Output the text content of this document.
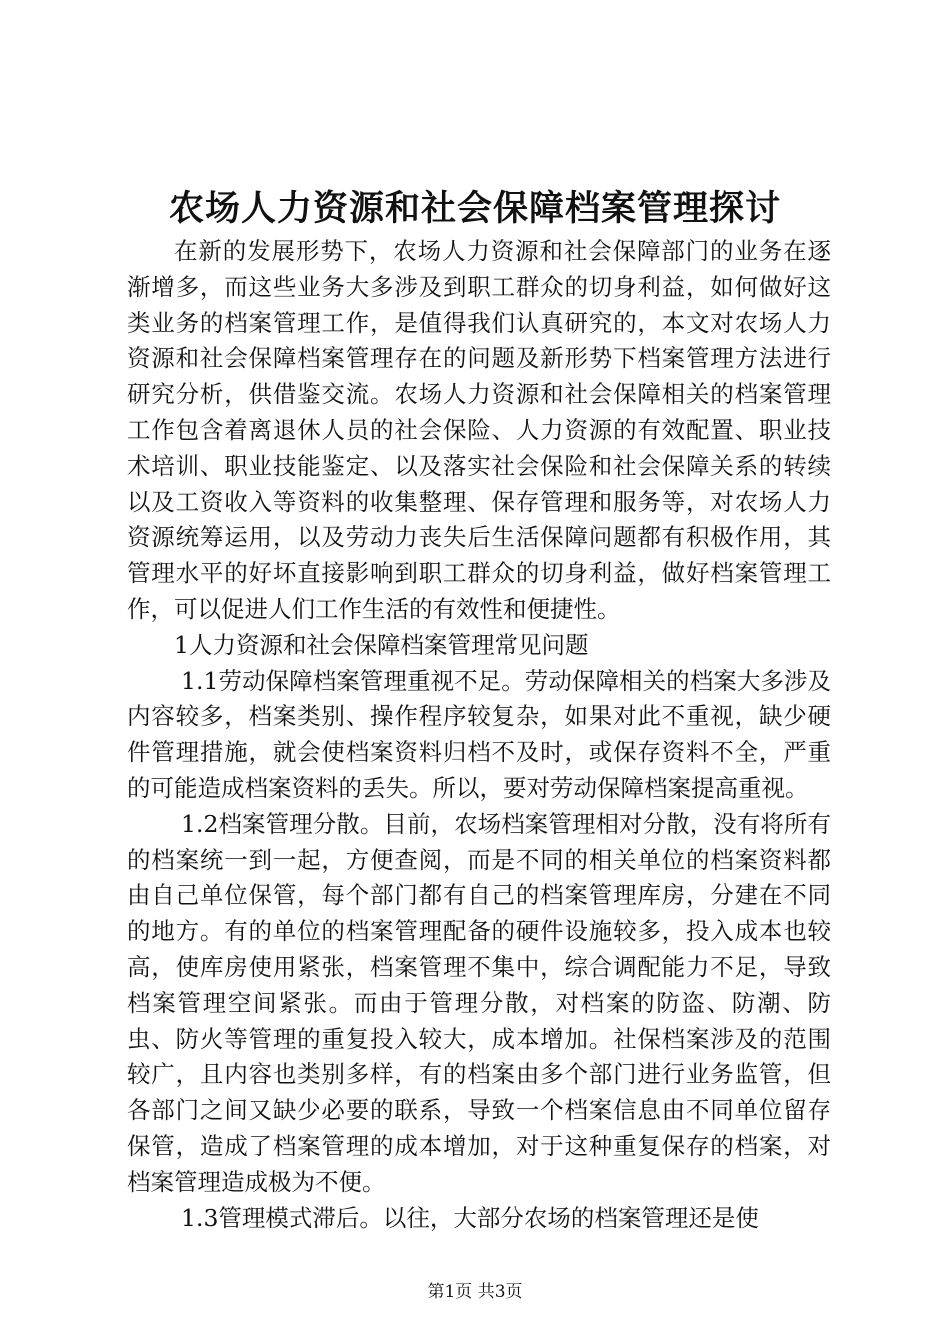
农场人力资源和社会保障档案管理探讨

在新的发展形势下，农场人力资源和社会保障部门的业务在逐渐增多，而这些业务大多涉及到职工群众的切身利益，如何做好这类业务的档案管理工作，是值得我们认真研究的，本文对农场人力资源和社会保障档案管理存在的问题及新形势下档案管理方法进行研究分析，供借鉴交流。农场人力资源和社会保障相关的档案管理工作包含着离退休人员的社会保险、人力资源的有效配置、职业技术培训、职业技能鉴定、以及落实社会保险和社会保障关系的转续以及工资收入等资料的收集整理、保存管理和服务等，对农场人力资源统筹运用，以及劳动力丧失后生活保障问题都有积极作用，其管理水平的好坏直接影响到职工群众的切身利益，做好档案管理工作，可以促进人们工作生活的有效性和便捷性。

1人力资源和社会保障档案管理常见问题

1.1劳动保障档案管理重视不足。劳动保障相关的档案大多涉及内容较多，档案类别、操作程序较复杂，如果对此不重视，缺少硬件管理措施，就会使档案资料归档不及时，或保存资料不全，严重的可能造成档案资料的丢失。所以，要对劳动保障档案提高重视。

1.2档案管理分散。目前，农场档案管理相对分散，没有将所有的档案统一到一起，方便查阅，而是不同的相关单位的档案资料都由自己单位保管，每个部门都有自己的档案管理库房，分建在不同的地方。有的单位的档案管理配备的硬件设施较多，投入成本也较高，使库房使用紧张，档案管理不集中，综合调配能力不足，导致档案管理空间紧张。而由于管理分散，对档案的防盗、防潮、防虫、防火等管理的重复投入较大，成本增加。社保档案涉及的范围较广，且内容也类别多样，有的档案由多个部门进行业务监管，但各部门之间又缺少必要的联系，导致一个档案信息由不同单位留存保管，造成了档案管理的成本增加，对于这种重复保存的档案，对档案管理造成极为不便。

1.3管理模式滞后。以往，大部分农场的档案管理还是使

第1页 共3页
